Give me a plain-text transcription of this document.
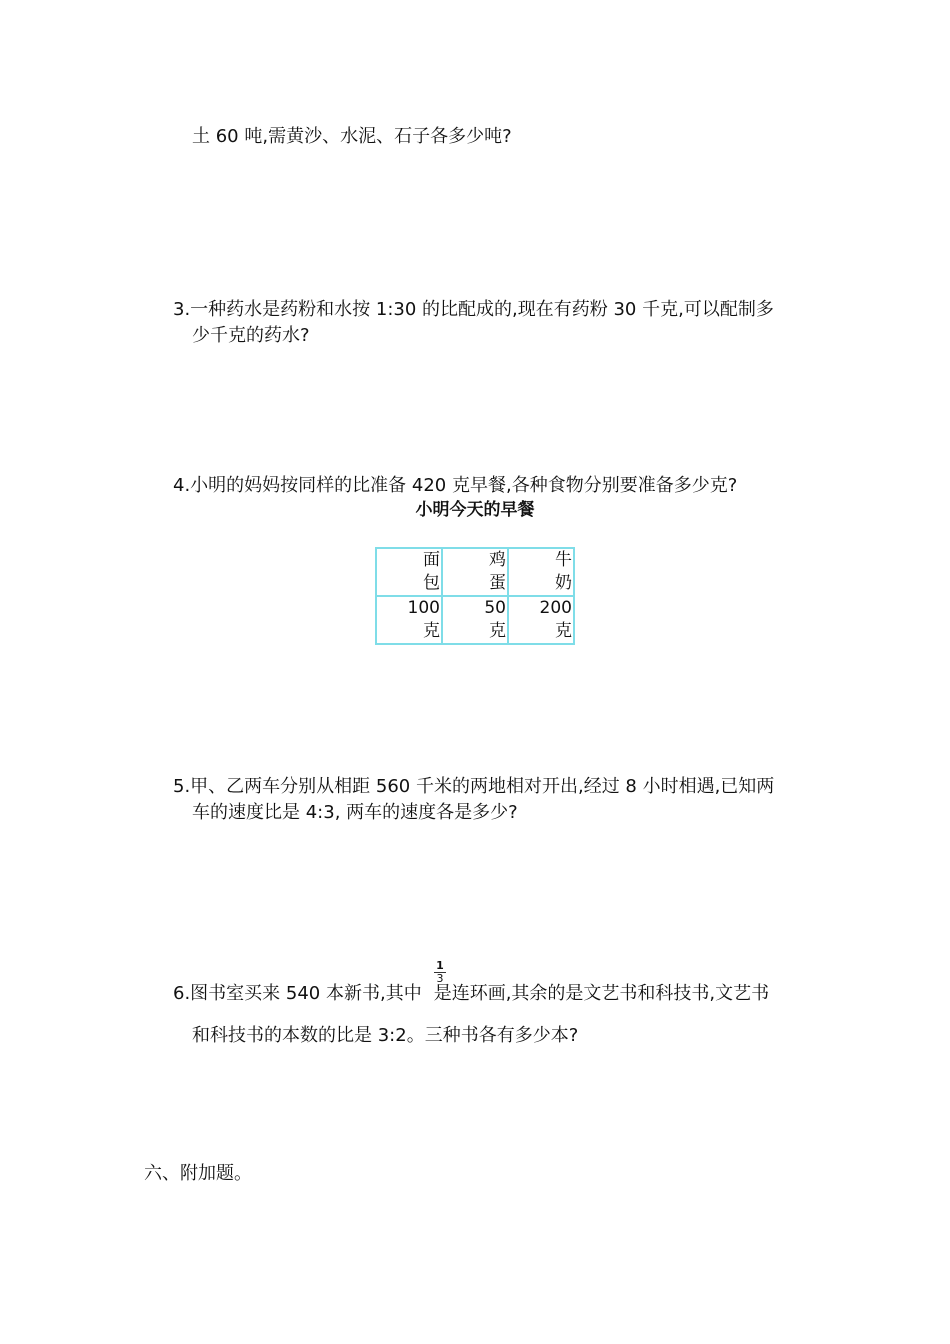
土 60 吨,需黄沙、水泥、石子各多少吨?
3.一种药水是药粉和水按 1:30 的比配成的,现在有药粉 30 千克,可以配制多
少千克的药水?
4.小明的妈妈按同样的比准备 420 克早餐,各种食物分别要准备多少克?
小明今天的早餐
面
包	鸡
蛋	牛
奶

100
克	50
克	200
克
5.甲、乙两车分别从相距 560 千米的两地相对开出,经过 8 小时相遇,已知两
车的速度比是 4:3, 两车的速度各是多少?
6.图书室买来 540 本新书,其中 是连环画,其余的是文艺书和科技书,文艺书
$\frac{1}{3}$
和科技书的本数的比是 3:2。三种书各有多少本?
六、附加题。
